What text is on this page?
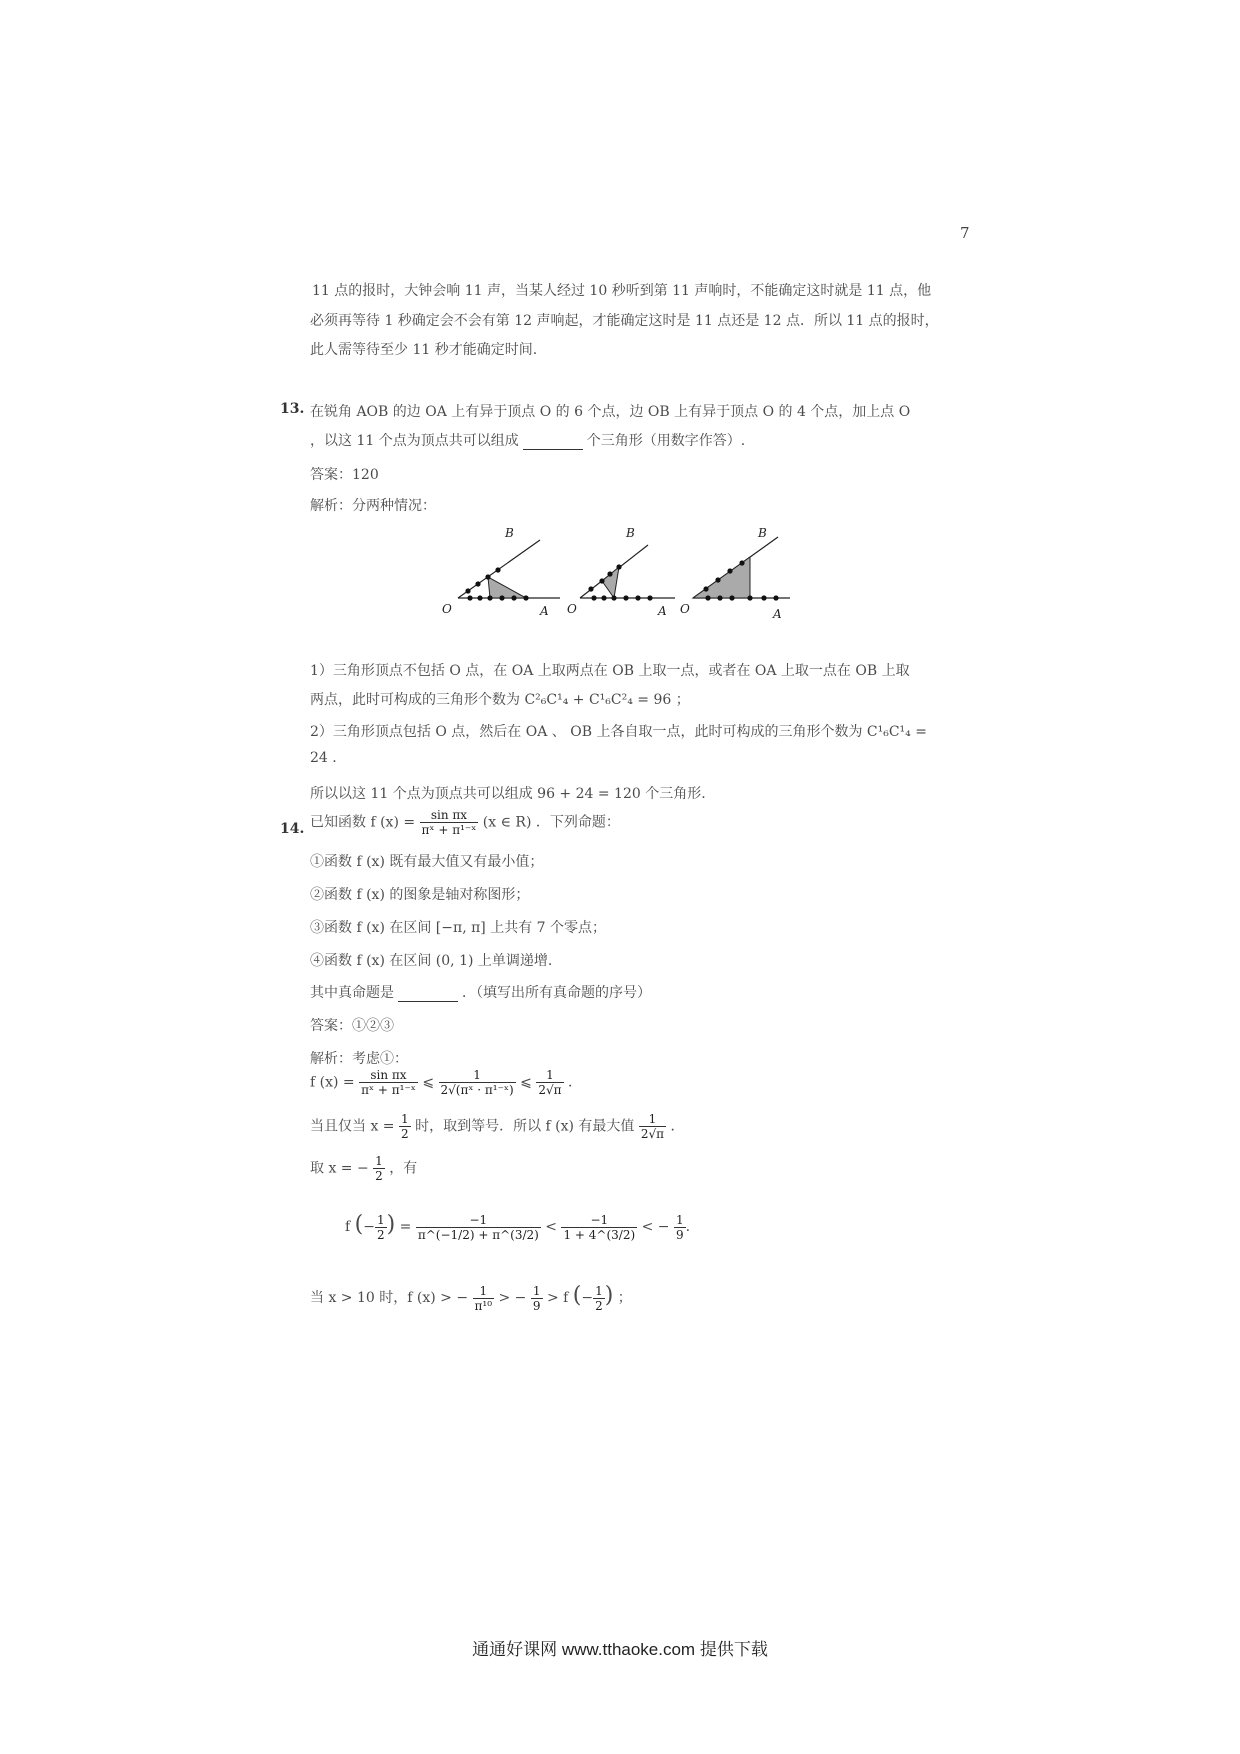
7
11 点的报时，大钟会响 11 声，当某人经过 10 秒听到第 11 声响时，不能确定这时就是 11 点，他
必须再等待 1 秒确定会不会有第 12 声响起，才能确定这时是 11 点还是 12 点．所以 11 点的报时，
此人需等待至少 11 秒才能确定时间.
13. 在锐角 AOB 的边 OA 上有异于顶点 O 的 6 个点，边 OB 上有异于顶点 O 的 4 个点，加上点 O
，以这 11 个点为顶点共可以组成	个三角形（用数字作答）.
答案：120
解析：分两种情况：
B
O	A
B
O	A
B
O	A
1）三角形顶点不包括 O 点，在 OA 上取两点在 OB 上取一点，或者在 OA 上取一点在 OB 上取
两点，此时可构成的三角形个数为 C²₆C¹₄ + C¹₆C²₄ = 96 ；
2）三角形顶点包括 O 点，然后在 OA 、 OB 上各自取一点，此时可构成的三角形个数为 C¹₆C¹₄ =
24 .
所以以这 11 个点为顶点共可以组成 96 + 24 = 120 个三角形.
14. 已知函数 f $(x) = \frac{\text{sin πx}}{\text{πˣ + π¹⁻ˣ}} (x$ ∈ R) ．下列命题：
①函数 f (x) 既有最大值又有最小值；
②函数 f (x) 的图象是轴对称图形；
③函数 f (x) 在区间 [−π, π] 上共有 7 个零点；
④函数 f (x) 在区间 (0, 1) 上单调递增.
其中真命题是	．（填写出所有真命题的序号）
答案：①②③
解析：考虑①：
f $(x) = \frac{\text{sin πx}}{\text{πˣ + π¹⁻ˣ}}$ ⩽ $\frac{1}{\text{2√(πˣ · π¹⁻ˣ)}}$ ⩽ $\frac{1}{2√\pi}$ ．
当且仅当 $x = \frac{1}{2}$ 时，取到等号．所以 f (x) 有最大值 $\frac{1}{2√\pi}$ ．
取 x = − $\frac{1}{2}$ ，有
f (− $\frac{1}{2}$ ) = $\frac{-1}{\pi\^{}(-1/2) + \pi\^{}(3/2)} < \frac{-1}{1 + 4\^{}(3/2)}$ < − $\frac{1}{9}$ .
当 x > 10 时，f (x) > − $\frac{1}{\text{π¹⁰}}$ > − $\frac{1}{9} > f$ (− $\frac{1}{2}$ ) ；
通通好课网 www.tthaoke.com 提供下载
